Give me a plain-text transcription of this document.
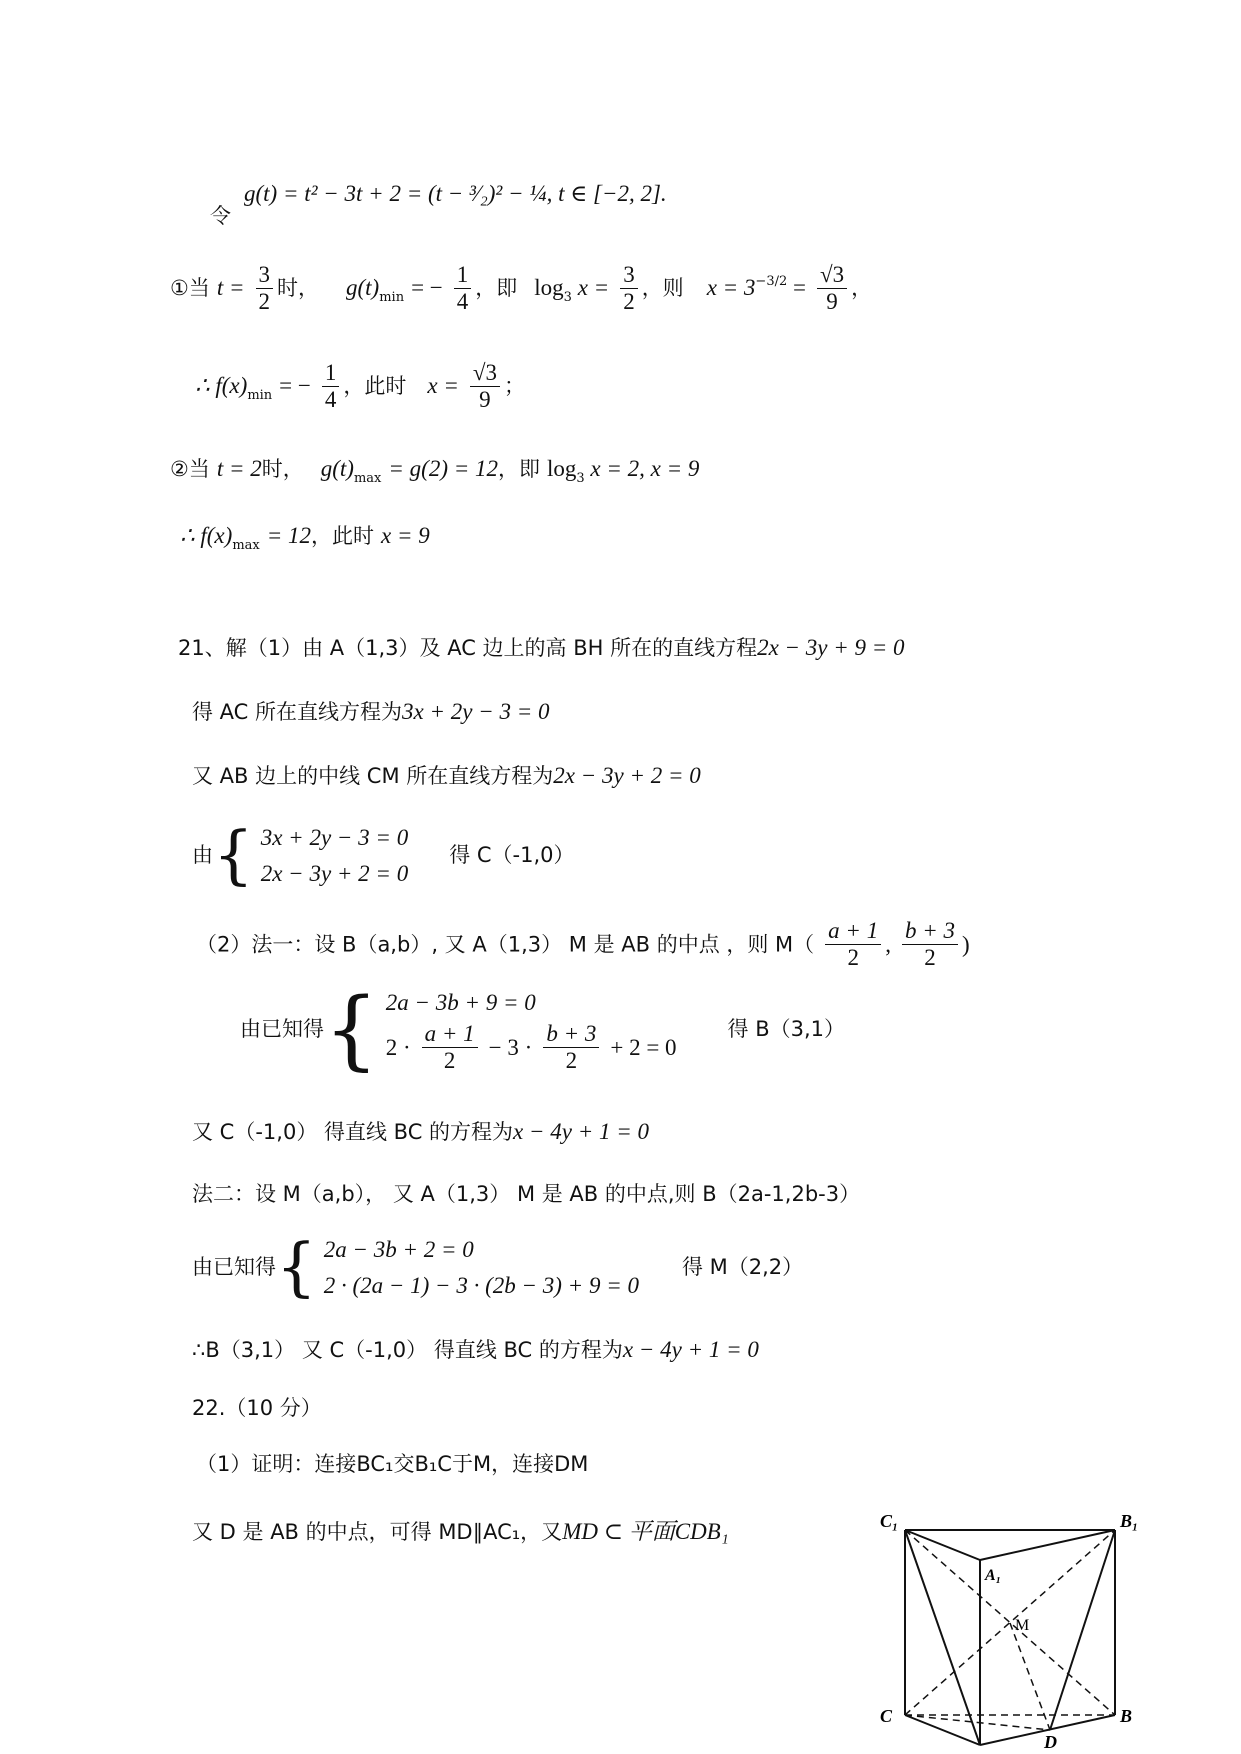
令 g(t) = t² − 3t + 2 = (t − ³⁄₂)² − ¼, t ∈ [−2, 2].
①当 $t = \frac{3}{2}$ 时， $g(t)_{min}$ = − $\frac{1}{4}$ ，即 $\log_3 x = \frac{3}{2}$ ，则 $x = 3^{-3/2} = \frac{√3}{9}$ ，
∴ $f(x)_{min}$ = − $\frac{1}{4}$ ，此时 $x = \frac{√3}{9}$ ；
②当 t = 2时， $g(t)_{max} = g(2) = 12$，即 $\log_3 x = 2$, x = 9
∴ $f(x)_{max} = 12$，此时 x = 9
21、解（1）由 A（1,3）及 AC 边上的高 BH 所在的直线方程2x − 3y + 9 = 0
得 AC 所在直线方程为3x + 2y − 3 = 0
又 AB 边上的中线 CM 所在直线方程为2x − 3y + 2 = 0
由{ 3x + 2y − 3 = 0
2x − 3y + 2 = 0
得 C（-1,0）
（2）法一：设 B（a,b）, 又 A（1,3） M 是 AB 的中点 ，则 $M( \frac{a + 1}{2}$ , $\frac{b + 3}{2}$ )
由已知得{ 2a − 3b + 9 = 0
$2 \cdot \frac{a + 1}{2} - 3 \cdot \frac{b + 3}{2} + 2 = 0$
得 B（3,1）
又 C（-1,0） 得直线 BC 的方程为x − 4y + 1 = 0
法二：设 M（a,b）， 又 A（1,3） M 是 AB 的中点,则 B（2a-1,2b-3）
由已知得{ 2a − 3b + 2 = 0
2 · (2a − 1) − 3 · (2b − 3) + 9 = 0
得 M（2,2）
∴B（3,1） 又 C（-1,0） 得直线 BC 的方程为x − 4y + 1 = 0
22.（10 分）
（1）证明：连接BC₁交B₁C于M，连接DM
又 D 是 AB 的中点，可得 MD∥AC₁，又MD ⊂ 平面CDB₁	C₁	B₁
A₁
M
C	B
D
